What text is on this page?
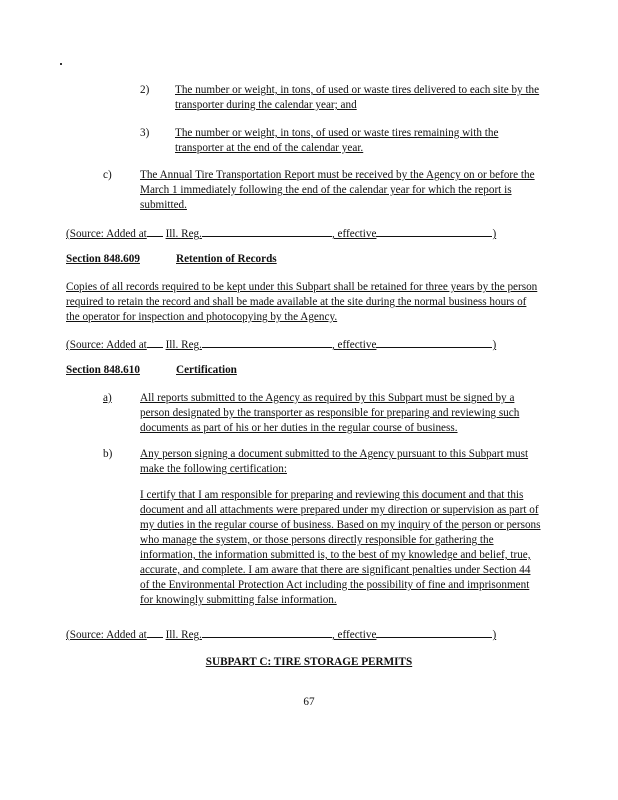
2) The number or weight, in tons, of used or waste tires delivered to each site by the transporter during the calendar year; and

3) The number or weight, in tons, of used or waste tires remaining with the transporter at the end of the calendar year.

c)	The Annual Tire Transportation Report must be received by the Agency on or before the March 1 immediately following the end of the calendar year for which the report is submitted.

(Source: Added at Ill. Reg.	, effective	)
Section 848.609	Retention of Records

Copies of all records required to be kept under this Subpart shall be retained for three years by the person required to retain the record and shall be made available at the site during the normal business hours of the operator for inspection and photocopying by the Agency.

(Source: Added at Ill. Reg.	, effective	)
Section 848.610	Certification
a)	All reports submitted to the Agency as required by this Subpart must be signed by a person designated by the transporter as responsible for preparing and reviewing such documents as part of his or her duties in the regular course of business.

b) Any person signing a document submitted to the Agency pursuant to this Subpart must make the following certification:

I certify that I am responsible for preparing and reviewing this document and that this document and all attachments were prepared under my direction or supervision as part of my duties in the regular course of business. Based on my inquiry of the person or persons who manage the system, or those persons directly responsible for gathering the information, the information submitted is, to the best of my knowledge and belief, true, accurate, and complete. I am aware that there are significant penalties under Section 44 of the Environmental Protection Act including the possibility of fine and imprisonment for knowingly submitting false information.

(Source: Added at Ill. Reg.	, effective	)
SUBPART C: TIRE STORAGE PERMITS
67
